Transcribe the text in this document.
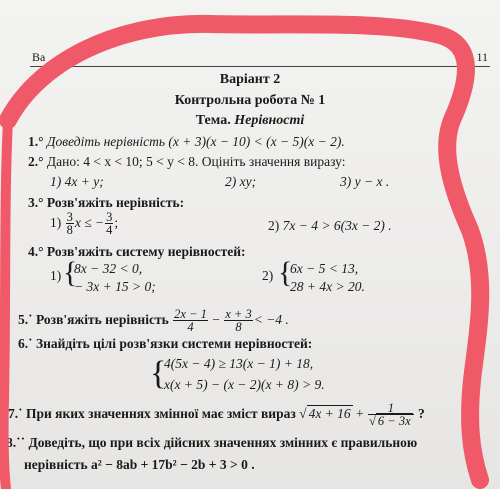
Ва	11
Варіант 2
Контрольна робота № 1
Тема. Нерівності
1.° Доведіть нерівність (x + 3)(x − 10) < (x − 5)(x − 2).
2.° Дано: 4 < x < 10; 5 < y < 8. Оцініть значення виразу:
1) 4x + y;	2) xy;	3) y − x .
3.° Розв'яжіть нерівність:
$1) \frac{3}{8}$ x ≤ − $\frac{3}{4}$ ;	2) 7x − 4 > 6(3x − 2) .
4.° Розв'яжіть систему нерівностей:
1) {
8x − 32 < 0,
− 3x + 15 > 0;
2) {
6x − 5 < 13,
28 + 4x > 20.
5.˙ Розв'яжіть нерівність $\frac{2x - 1}{4} - \frac{x + 3}{8} < -4$ .
6.˙ Знайдіть цілі розв'язки системи нерівностей:
{
4(5x − 4) ≥ 13(x − 1) + 18,
x(x + 5) − (x − 2)(x + 8) > 9.
7.˙ При яких значеннях змінної має зміст вираз √ $4x + 16 + \frac{1}{√ 6 - 3x}$ ?
8.˙˙ Доведіть, що при всіх дійсних значеннях змінних є правильною
нерівність a² − 8ab + 17b² − 2b + 3 > 0 .
